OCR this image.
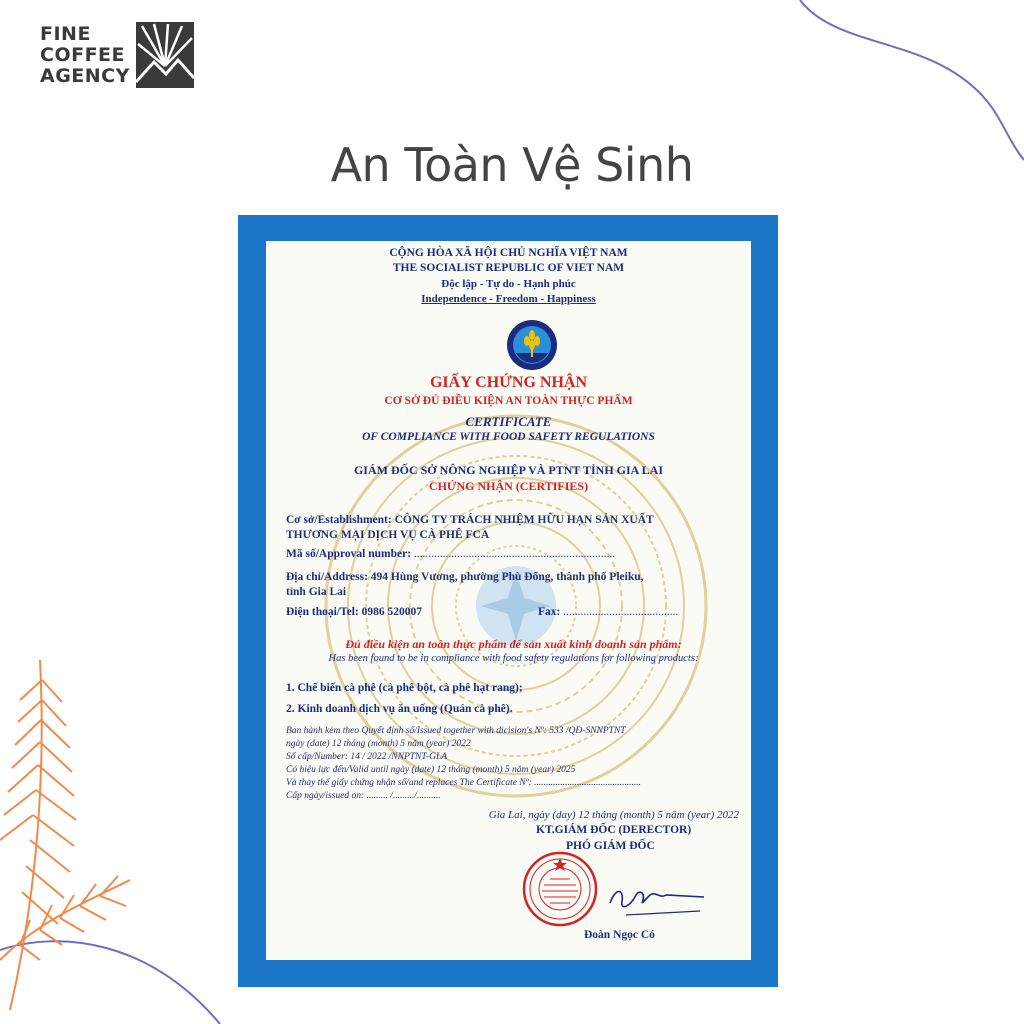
FINE
COFFEE
AGENCY
An Toàn Vệ Sinh
CỘNG HÒA XÃ HỘI CHỦ NGHĨA VIỆT NAM
THE SOCIALIST REPUBLIC OF VIET NAM
Độc lập - Tự do - Hạnh phúc
Independence - Freedom - Happiness
GIẤY CHỨNG NHẬN
CƠ SỞ ĐỦ ĐIỀU KIỆN AN TOÀN THỰC PHẨM
CERTIFICATE
OF COMPLIANCE WITH FOOD SAFETY REGULATIONS
GIÁM ĐỐC SỞ NÔNG NGHIỆP VÀ PTNT TỈNH GIA LAI
CHỨNG NHẬN (CERTIFIES)
Cơ sở/Establishment: CÔNG TY TRÁCH NHIỆM HỮU HẠN SẢN XUẤT
THƯƠNG MẠI DỊCH VỤ CÀ PHÊ FCA
Mã số/Approval number: ......................................................................
Địa chỉ/Address: 494 Hùng Vương, phường Phù Đổng, thành phố Pleiku,
tỉnh Gia Lai
Điện thoại/Tel: 0986 520007	Fax: ........................................
Đủ điều kiện an toàn thực phẩm để sản xuất kinh doanh sản phẩm:
Has been found to be in compliance with food safety regulations for following products:
1. Chế biến cà phê (cà phê bột, cà phê hạt rang);
2. Kinh doanh dịch vụ ăn uống (Quán cà phê).
Ban hành kèm theo Quyết định số/Issued together with dicision's Nº: 533 /QĐ-SNNPTNT
ngày (date) 12 tháng (month) 5 năm (year) 2022
Số cấp/Number: 14 / 2022 /NNPTNT-GLA
Có hiệu lực đến/Valid until ngày (date) 12 tháng (month) 5 năm (year) 2025
Và thay thế giấy chứng nhận số/and replaces The Certificate Nº: .............................................
Cấp ngày/issued on: ......... /........./..........
Gia Lai, ngày (day) 12 tháng (month) 5 năm (year) 2022
KT.GIÁM ĐỐC (DERECTOR)
PHÓ GIÁM ĐỐC
Đoàn Ngọc Có
